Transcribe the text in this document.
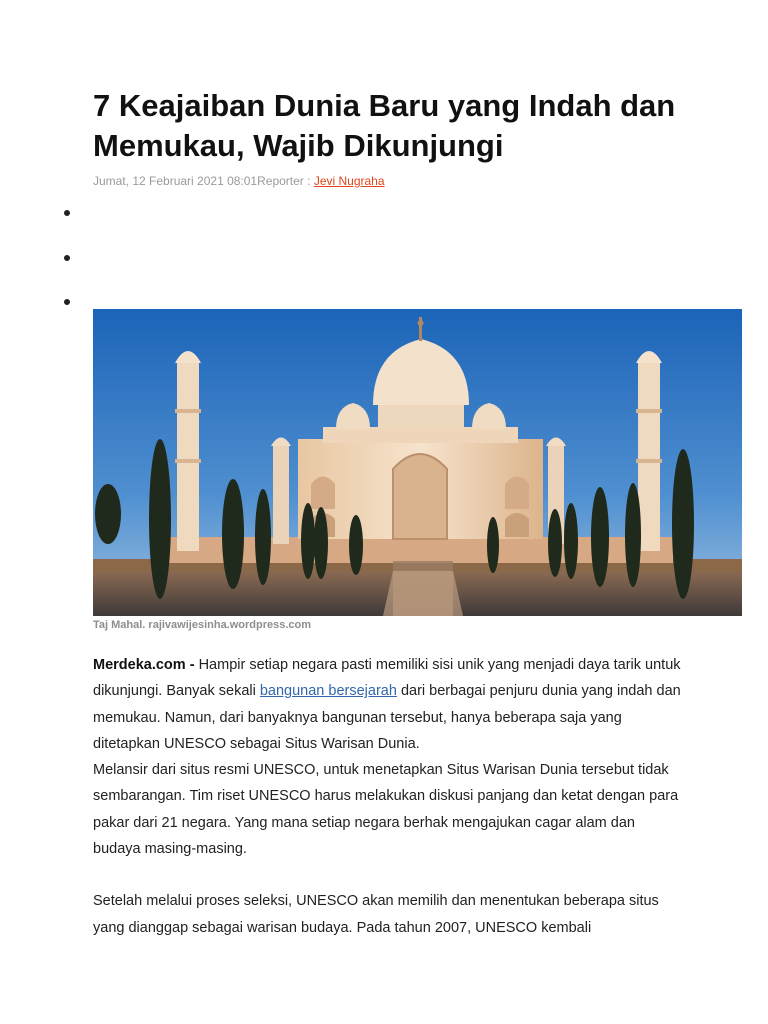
7 Keajaiban Dunia Baru yang Indah dan Memukau, Wajib Dikunjungi
Jumat, 12 Februari 2021 08:01Reporter : Jevi Nugraha
Taj Mahal. rajivawijesinha.wordpress.com

Merdeka.com - Hampir setiap negara pasti memiliki sisi unik yang menjadi daya tarik untuk dikunjungi. Banyak sekali bangunan bersejarah dari berbagai penjuru dunia yang indah dan memukau. Namun, dari banyaknya bangunan tersebut, hanya beberapa saja yang ditetapkan UNESCO sebagai Situs Warisan Dunia.

Melansir dari situs resmi UNESCO, untuk menetapkan Situs Warisan Dunia tersebut tidak sembarangan. Tim riset UNESCO harus melakukan diskusi panjang dan ketat dengan para pakar dari 21 negara. Yang mana setiap negara berhak mengajukan cagar alam dan budaya masing-masing.

Setelah melalui proses seleksi, UNESCO akan memilih dan menentukan beberapa situs yang dianggap sebagai warisan budaya. Pada tahun 2007, UNESCO kembali
